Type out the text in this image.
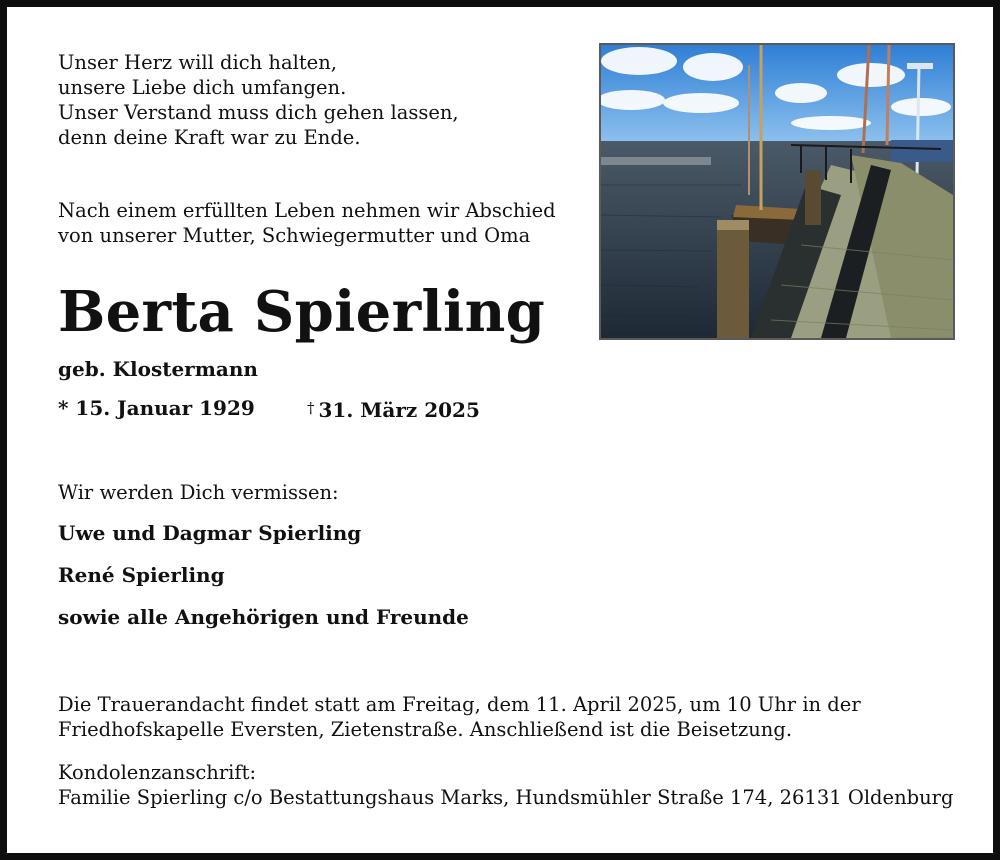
Unser Herz will dich halten,
unsere Liebe dich umfangen.
Unser Verstand muss dich gehen lassen,
denn deine Kraft war zu Ende.
Nach einem erfüllten Leben nehmen wir Abschied
von unserer Mutter, Schwiegermutter und Oma
Berta Spierling
geb. Klostermann
* 15. Januar 1929	† 31. März 2025
Wir werden Dich vermissen:
Uwe und Dagmar Spierling
René Spierling
sowie alle Angehörigen und Freunde
Die Trauerandacht findet statt am Freitag, dem 11. April 2025, um 10 Uhr in der
Friedhofskapelle Eversten, Zietenstraße. Anschließend ist die Beisetzung.
Kondolenzanschrift:
Familie Spierling c/o Bestattungshaus Marks, Hundsmühler Straße 174, 26131 Oldenburg
